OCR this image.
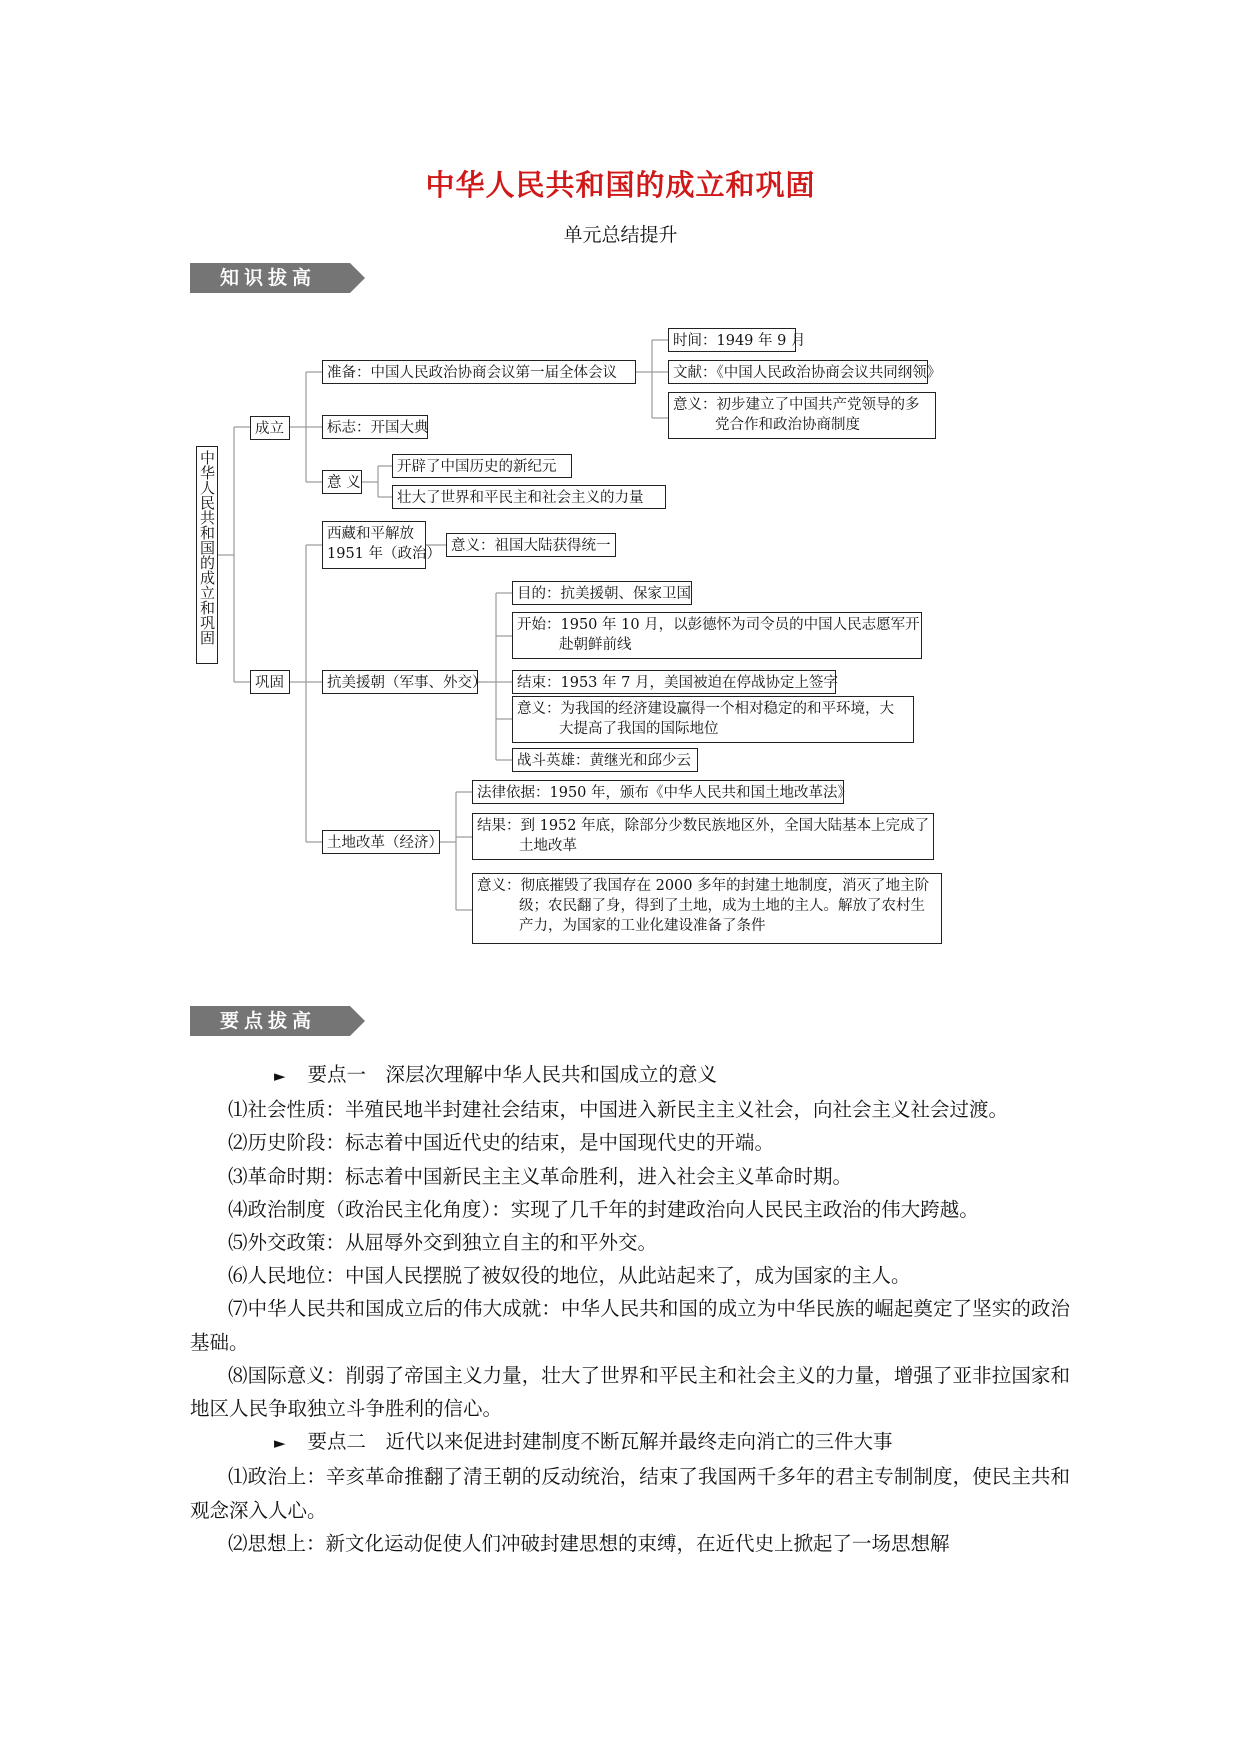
中华人民共和国的成立和巩固
单元总结提升
知识拔高
中华人民共和国的成立和巩固
成立
准备：中国人民政治协商会议第一届全体会议
时间：1949 年 9 月
文献：《中国人民政治协商会议共同纲领》
意义：初步建立了中国共产党领导的多
党合作和政治协商制度
标志：开国大典
意 义
开辟了中国历史的新纪元
壮大了世界和平民主和社会主义的力量
巩固
西藏和平解放
1951 年（政治） 意义：祖国大陆获得统一
抗美援朝（军事、外交）
目的：抗美援朝、保家卫国
开始：1950 年 10 月，以彭德怀为司令员的中国人民志愿军开
赴朝鲜前线
结束：1953 年 7 月，美国被迫在停战协定上签字
意义：为我国的经济建设赢得一个相对稳定的和平环境，大
大提高了我国的国际地位
战斗英雄：黄继光和邱少云
土地改革（经济）
法律依据：1950 年，颁布《中华人民共和国土地改革法》
结果：到 1952 年底，除部分少数民族地区外，全国大陆基本上完成了
土地改革
意义：彻底摧毁了我国存在 2000 多年的封建土地制度，消灭了地主阶
级；农民翻了身，得到了土地，成为土地的主人。解放了农村生
产力，为国家的工业化建设准备了条件
要点拔高

► 要点一　深层次理解中华人民共和国成立的意义

⑴社会性质：半殖民地半封建社会结束，中国进入新民主主义社会，向社会主义社会过渡。

⑵历史阶段：标志着中国近代史的结束，是中国现代史的开端。

⑶革命时期：标志着中国新民主主义革命胜利，进入社会主义革命时期。

⑷政治制度（政治民主化角度）：实现了几千年的封建政治向人民民主政治的伟大跨越。

⑸外交政策：从屈辱外交到独立自主的和平外交。

⑹人民地位：中国人民摆脱了被奴役的地位，从此站起来了，成为国家的主人。

⑺中华人民共和国成立后的伟大成就：中华人民共和国的成立为中华民族的崛起奠定了坚实的政治基础。

⑻国际意义：削弱了帝国主义力量，壮大了世界和平民主和社会主义的力量，增强了亚非拉国家和地区人民争取独立斗争胜利的信心。

► 要点二　近代以来促进封建制度不断瓦解并最终走向消亡的三件大事

⑴政治上：辛亥革命推翻了清王朝的反动统治，结束了我国两千多年的君主专制制度，使民主共和观念深入人心。

⑵思想上：新文化运动促使人们冲破封建思想的束缚，在近代史上掀起了一场思想解
